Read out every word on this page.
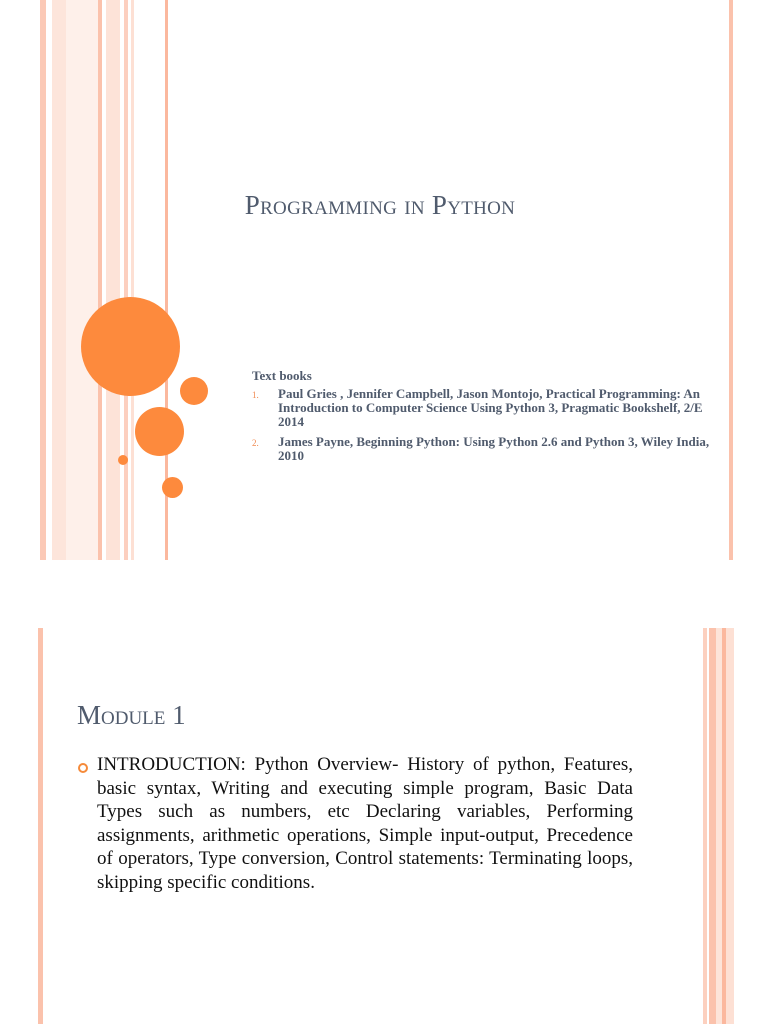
Programming in Python

Text books

1. Paul Gries , Jennifer Campbell, Jason Montojo, Practical Programming: An Introduction to Computer Science Using Python 3, Pragmatic Bookshelf, 2/E 2014
2. James Payne, Beginning Python: Using Python 2.6 and Python 3, Wiley India, 2010
Module 1

INTRODUCTION: Python Overview- History of python, Features, basic syntax, Writing and executing simple program, Basic Data Types such as numbers, etc Declaring variables, Performing assignments, arithmetic operations, Simple input-output, Precedence of operators, Type conversion, Control statements: Terminating loops, skipping specific conditions.
